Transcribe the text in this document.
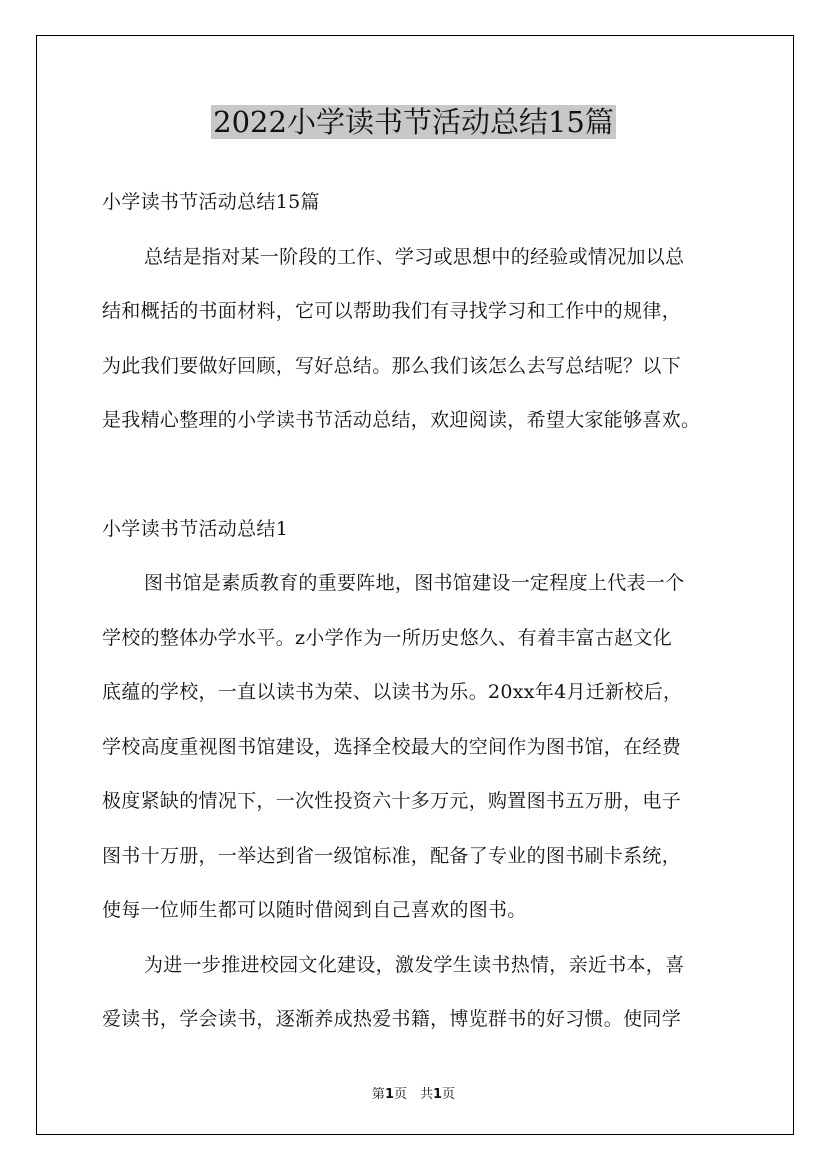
2022小学读书节活动总结15篇

小学读书节活动总结15篇

总结是指对某一阶段的工作、学习或思想中的经验或情况加以总

结和概括的书面材料，它可以帮助我们有寻找学习和工作中的规律，

为此我们要做好回顾，写好总结。那么我们该怎么去写总结呢？以下

是我精心整理的小学读书节活动总结，欢迎阅读，希望大家能够喜欢。

小学读书节活动总结1

图书馆是素质教育的重要阵地，图书馆建设一定程度上代表一个

学校的整体办学水平。z小学作为一所历史悠久、有着丰富古赵文化

底蕴的学校，一直以读书为荣、以读书为乐。20xx年4月迁新校后，

学校高度重视图书馆建设，选择全校最大的空间作为图书馆，在经费

极度紧缺的情况下，一次性投资六十多万元，购置图书五万册，电子

图书十万册，一举达到省一级馆标准，配备了专业的图书刷卡系统，

使每一位师生都可以随时借阅到自己喜欢的图书。

为进一步推进校园文化建设，激发学生读书热情，亲近书本，喜

爱读书，学会读书，逐渐养成热爱书籍，博览群书的好习惯。使同学

第1页　共1页
